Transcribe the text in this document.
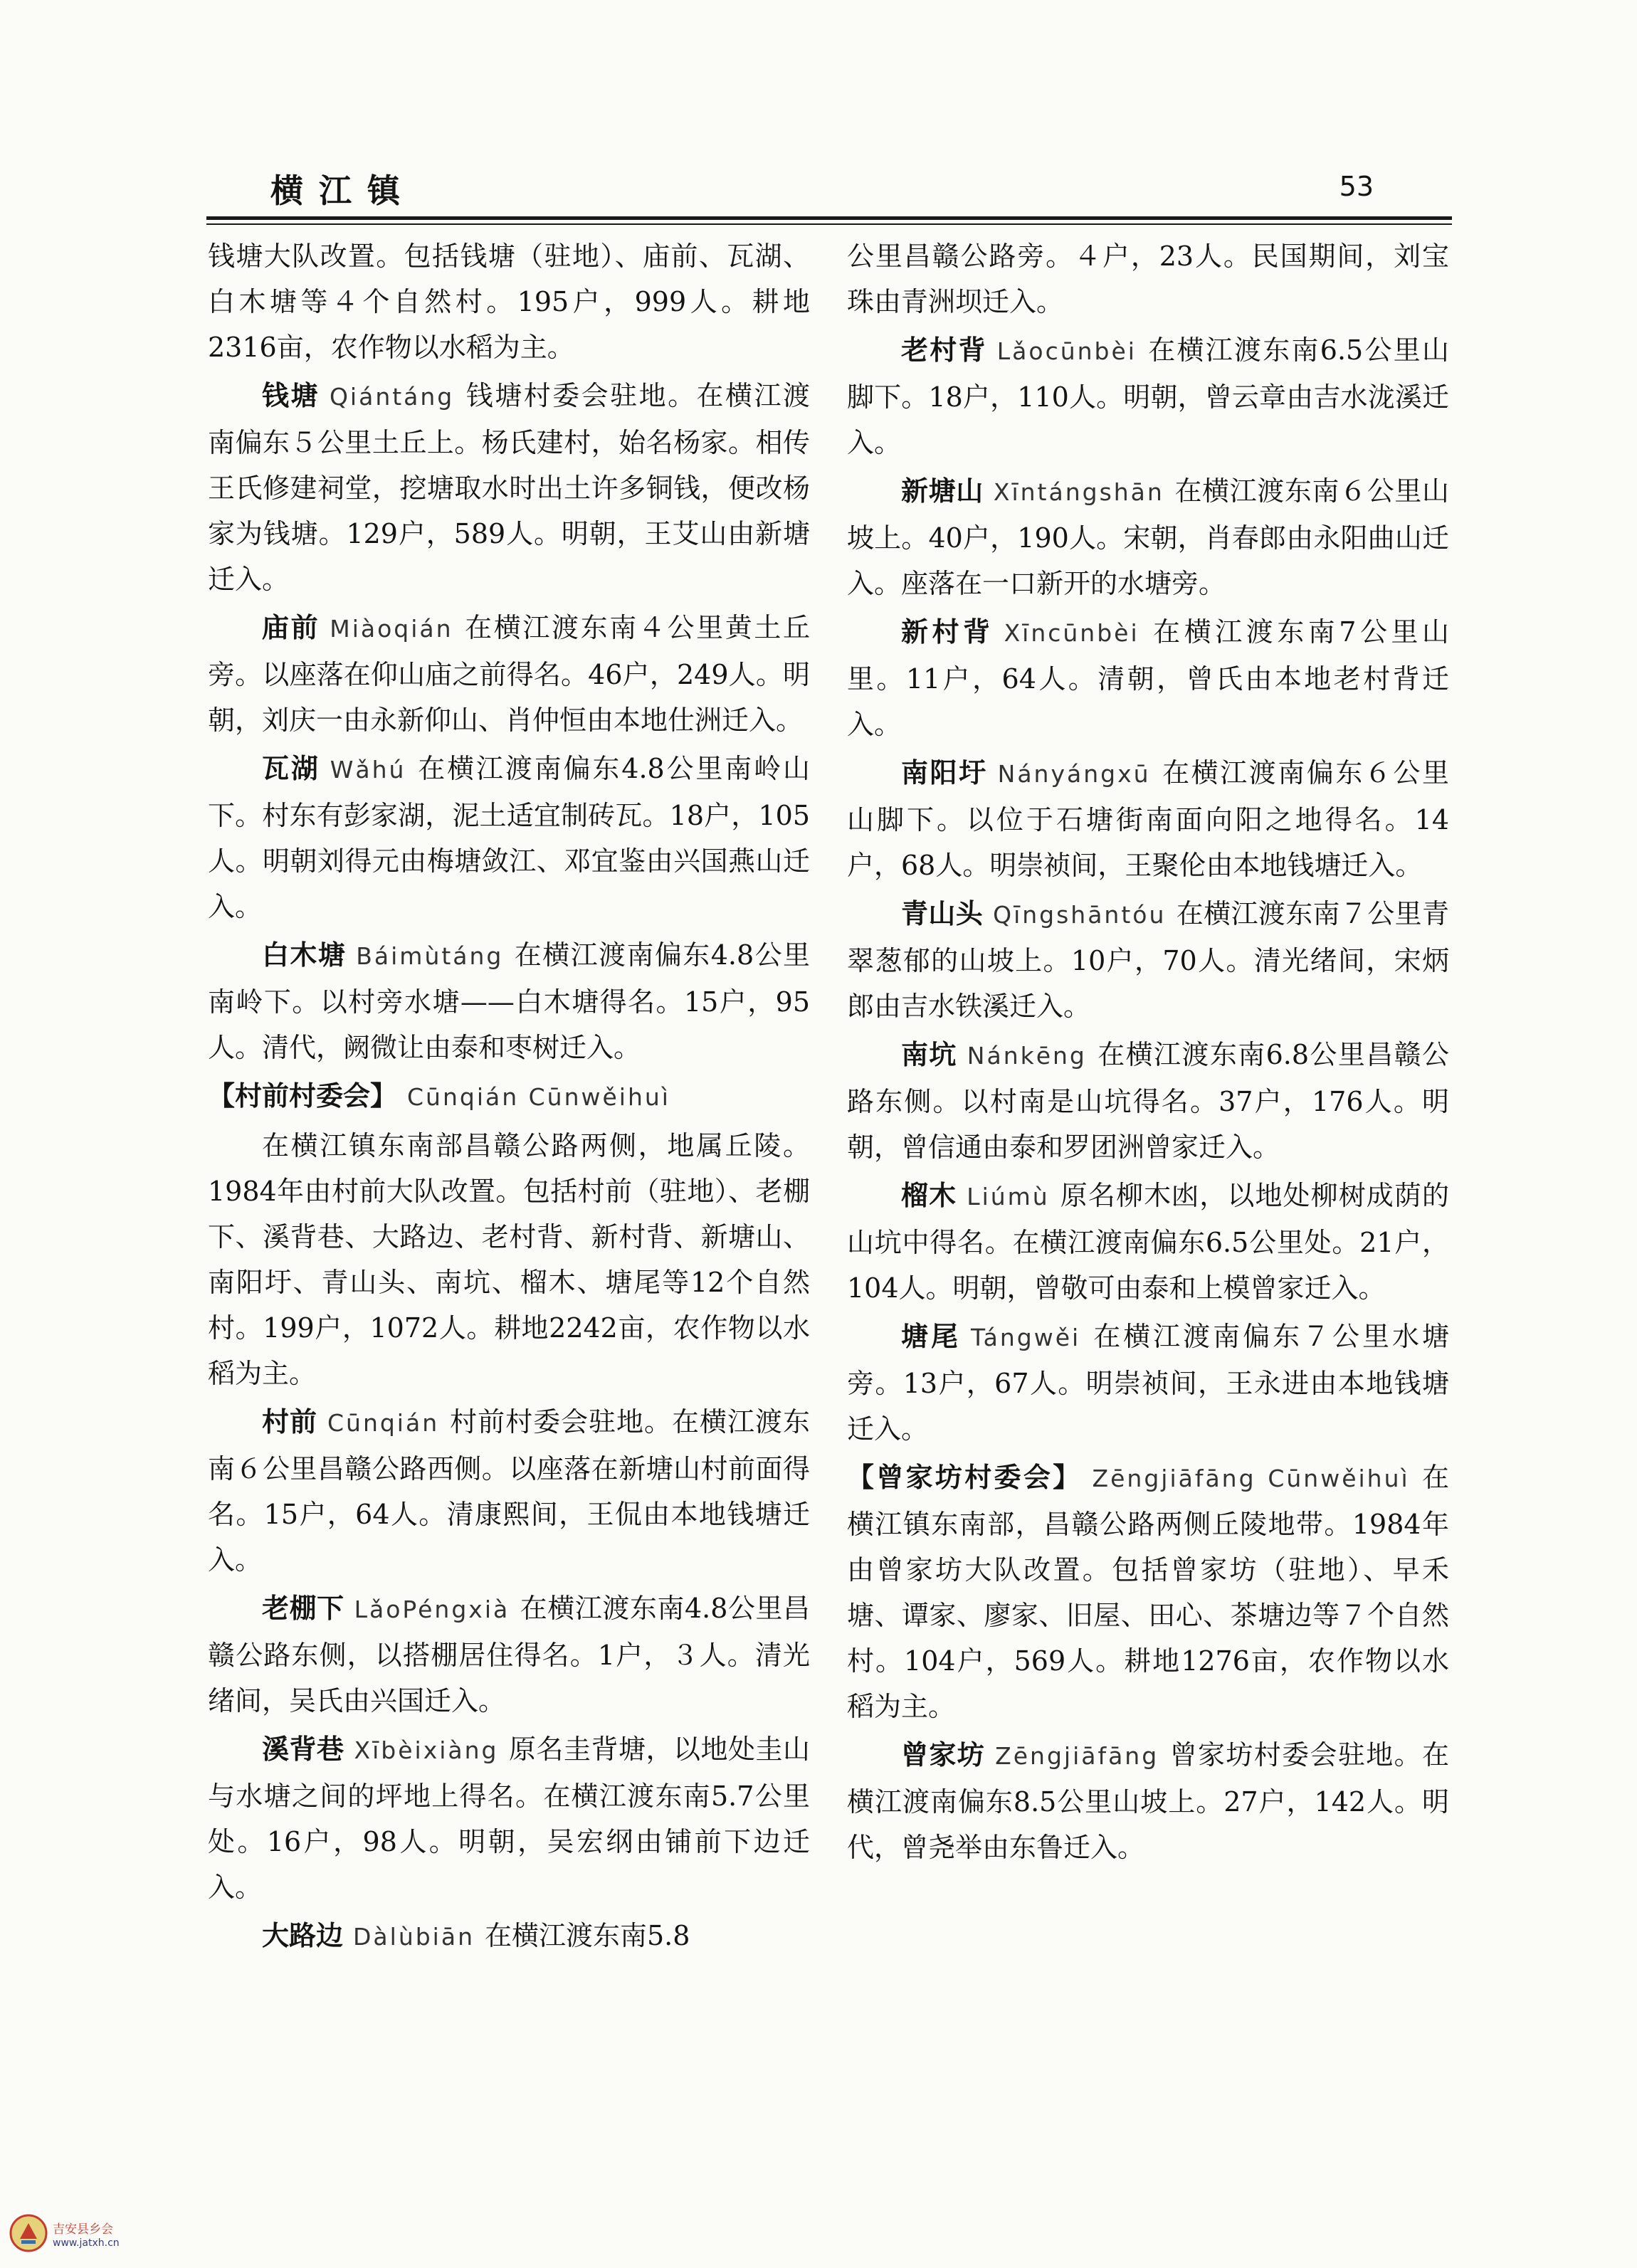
横江镇	53

钱塘大队改置。包括钱塘（驻地）、庙前、瓦湖、白木塘等４个自然村。195户，999人。耕地2316亩，农作物以水稻为主。

钱塘 Qiántáng 钱塘村委会驻地。在横江渡南偏东５公里土丘上。杨氏建村，始名杨家。相传王氏修建祠堂，挖塘取水时出土许多铜钱，便改杨家为钱塘。129户，589人。明朝，王艾山由新塘迁入。

庙前 Miàoqián 在横江渡东南４公里黄土丘旁。以座落在仰山庙之前得名。46户，249人。明朝，刘庆一由永新仰山、肖仲恒由本地仕洲迁入。

瓦湖 Wǎhú 在横江渡南偏东4.8公里南岭山下。村东有彭家湖，泥土适宜制砖瓦。18户，105人。明朝刘得元由梅塘敛江、邓宜鉴由兴国燕山迁入。

白木塘 Báimùtáng 在横江渡南偏东4.8公里南岭下。以村旁水塘——白木塘得名。15户，95人。清代，阙微让由泰和枣树迁入。

【村前村委会】 Cūnqián Cūnwěihuì

在横江镇东南部昌赣公路两侧，地属丘陵。1984年由村前大队改置。包括村前（驻地）、老棚下、溪背巷、大路边、老村背、新村背、新塘山、南阳圩、青山头、南坑、榴木、塘尾等12个自然村。199户，1072人。耕地2242亩，农作物以水稻为主。

村前 Cūnqián 村前村委会驻地。在横江渡东南６公里昌赣公路西侧。以座落在新塘山村前面得名。15户，64人。清康熙间，王侃由本地钱塘迁入。

老棚下 LǎoPéngxià 在横江渡东南4.8公里昌赣公路东侧，以搭棚居住得名。1户，３人。清光绪间，吴氏由兴国迁入。

溪背巷 Xībèixiàng 原名圭背塘，以地处圭山与水塘之间的坪地上得名。在横江渡东南5.7公里处。16户，98人。明朝，吴宏纲由铺前下边迁入。

大路边 Dàlùbiān 在横江渡东南5.8

公里昌赣公路旁。４户，23人。民国期间，刘宝珠由青洲坝迁入。

老村背 Lǎocūnbèi 在横江渡东南6.5公里山脚下。18户，110人。明朝，曾云章由吉水泷溪迁入。

新塘山 Xīntángshān 在横江渡东南６公里山坡上。40户，190人。宋朝，肖春郎由永阳曲山迁入。座落在一口新开的水塘旁。

新村背 Xīncūnbèi 在横江渡东南7公里山里。11户，64人。清朝，曾氏由本地老村背迁入。

南阳圩 Nányángxū 在横江渡南偏东６公里山脚下。以位于石塘街南面向阳之地得名。14户，68人。明崇祯间，王聚伦由本地钱塘迁入。

青山头 Qīngshāntóu 在横江渡东南７公里青翠葱郁的山坡上。10户，70人。清光绪间，宋炳郎由吉水铁溪迁入。

南坑 Nánkēng 在横江渡东南6.8公里昌赣公路东侧。以村南是山坑得名。37户，176人。明朝，曾信通由泰和罗团洲曾家迁入。

榴木 Liúmù 原名柳木凼，以地处柳树成荫的山坑中得名。在横江渡南偏东6.5公里处。21户，104人。明朝，曾敬可由泰和上模曾家迁入。

塘尾 Tángwěi 在横江渡南偏东７公里水塘旁。13户，67人。明崇祯间，王永进由本地钱塘迁入。

【曾家坊村委会】 Zēngjiāfāng Cūnwěihuì 在横江镇东南部，昌赣公路两侧丘陵地带。1984年由曾家坊大队改置。包括曾家坊（驻地）、早禾塘、谭家、廖家、旧屋、田心、茶塘边等７个自然村。104户，569人。耕地1276亩，农作物以水稻为主。

曾家坊 Zēngjiāfāng 曾家坊村委会驻地。在横江渡南偏东8.5公里山坡上。27户，142人。明代，曾尧举由东鲁迁入。

吉安县乡会
www.jatxh.cn
